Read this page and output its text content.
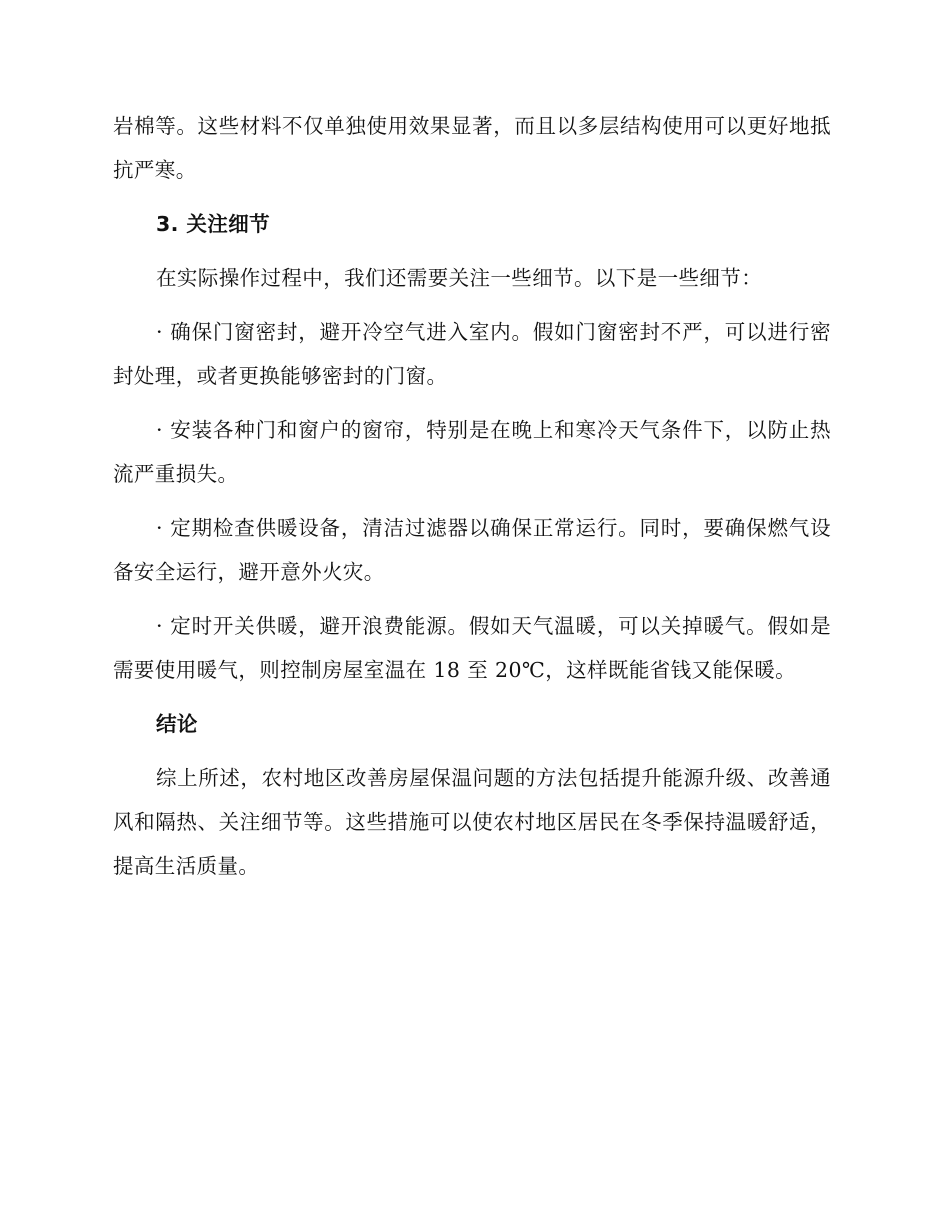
岩棉等。这些材料不仅单独使用效果显著，而且以多层结构使用可以更好地抵抗严寒。

3. 关注细节

在实际操作过程中，我们还需要关注一些细节。以下是一些细节：

· 确保门窗密封，避开冷空气进入室内。假如门窗密封不严，可以进行密封处理，或者更换能够密封的门窗。

· 安装各种门和窗户的窗帘，特别是在晚上和寒冷天气条件下，以防止热流严重损失。

· 定期检查供暖设备，清洁过滤器以确保正常运行。同时，要确保燃气设备安全运行，避开意外火灾。

· 定时开关供暖，避开浪费能源。假如天气温暖，可以关掉暖气。假如是需要使用暖气，则控制房屋室温在 18 至 20℃，这样既能省钱又能保暖。

结论

综上所述，农村地区改善房屋保温问题的方法包括提升能源升级、改善通风和隔热、关注细节等。这些措施可以使农村地区居民在冬季保持温暖舒适，提高生活质量。
